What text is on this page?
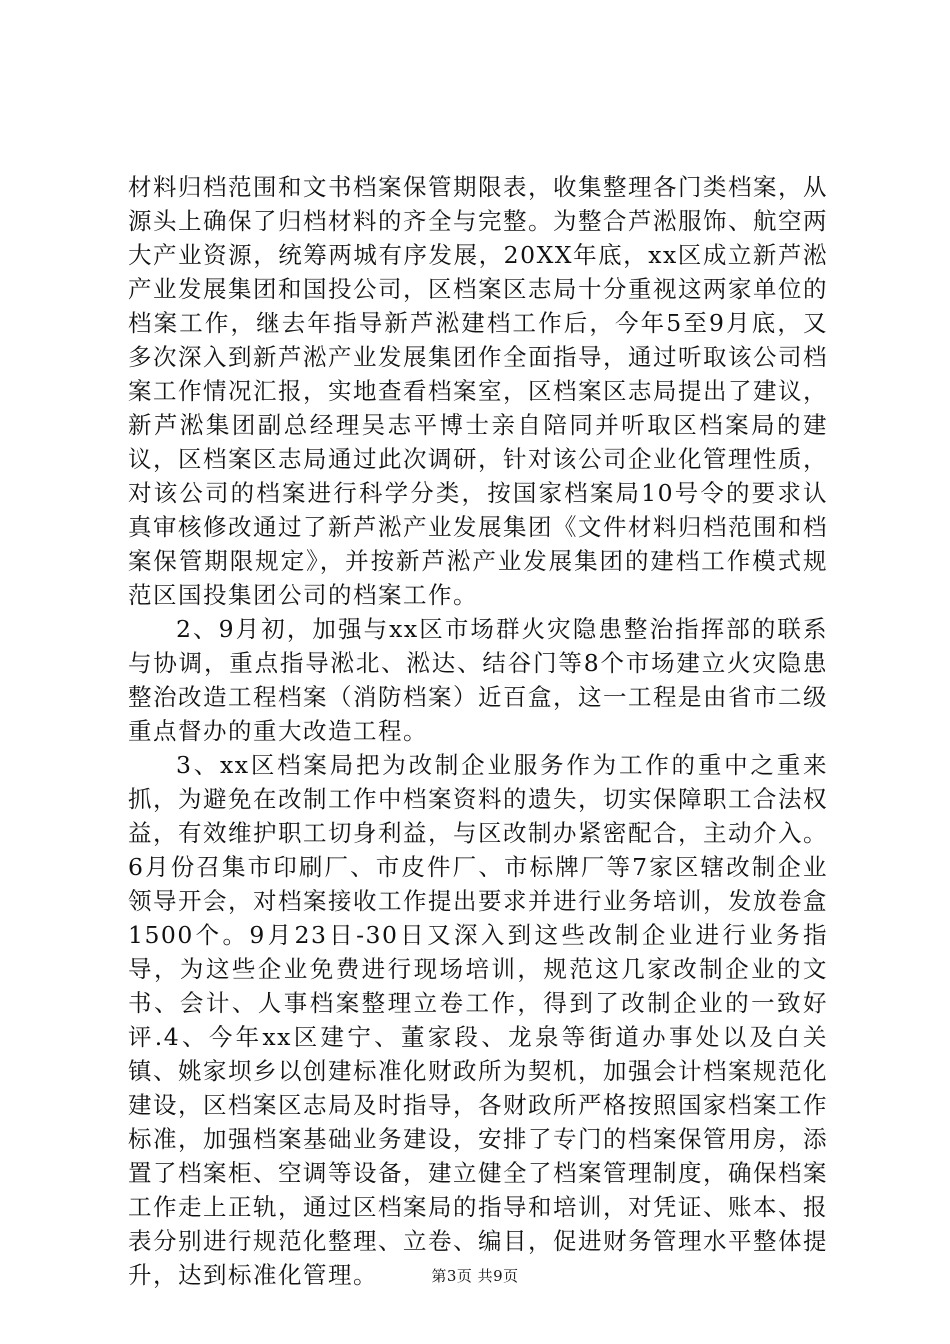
材料归档范围和文书档案保管期限表，收集整理各门类档案，从源头上确保了归档材料的齐全与完整。为整合芦淞服饰、航空两大产业资源，统筹两城有序发展，20XX年底，xx区成立新芦淞产业发展集团和国投公司，区档案区志局十分重视这两家单位的档案工作，继去年指导新芦淞建档工作后，今年5至9月底，又多次深入到新芦淞产业发展集团作全面指导，通过听取该公司档案工作情况汇报，实地查看档案室，区档案区志局提出了建议，新芦淞集团副总经理吴志平博士亲自陪同并听取区档案局的建议，区档案区志局通过此次调研，针对该公司企业化管理性质，对该公司的档案进行科学分类，按国家档案局10号令的要求认真审核修改通过了新芦淞产业发展集团《文件材料归档范围和档案保管期限规定》，并按新芦淞产业发展集团的建档工作模式规范区国投集团公司的档案工作。

2、9月初，加强与xx区市场群火灾隐患整治指挥部的联系与协调，重点指导淞北、淞达、结谷门等8个市场建立火灾隐患整治改造工程档案（消防档案）近百盒，这一工程是由省市二级重点督办的重大改造工程。

3、xx区档案局把为改制企业服务作为工作的重中之重来抓，为避免在改制工作中档案资料的遗失，切实保障职工合法权益，有效维护职工切身利益，与区改制办紧密配合，主动介入。6月份召集市印刷厂、市皮件厂、市标牌厂等7家区辖改制企业领导开会，对档案接收工作提出要求并进行业务培训，发放卷盒1500个。9月23日-30日又深入到这些改制企业进行业务指导，为这些企业免费进行现场培训，规范这几家改制企业的文书、会计、人事档案整理立卷工作，得到了改制企业的一致好评.4、今年xx区建宁、董家段、龙泉等街道办事处以及白关镇、姚家坝乡以创建标准化财政所为契机，加强会计档案规范化建设，区档案区志局及时指导，各财政所严格按照国家档案工作标准，加强档案基础业务建设，安排了专门的档案保管用房，添置了档案柜、空调等设备，建立健全了档案管理制度，确保档案工作走上正轨，通过区档案局的指导和培训，对凭证、账本、报表分别进行规范化整理、立卷、编目，促进财务管理水平整体提升，达到标准化管理。	第3页 共9页
